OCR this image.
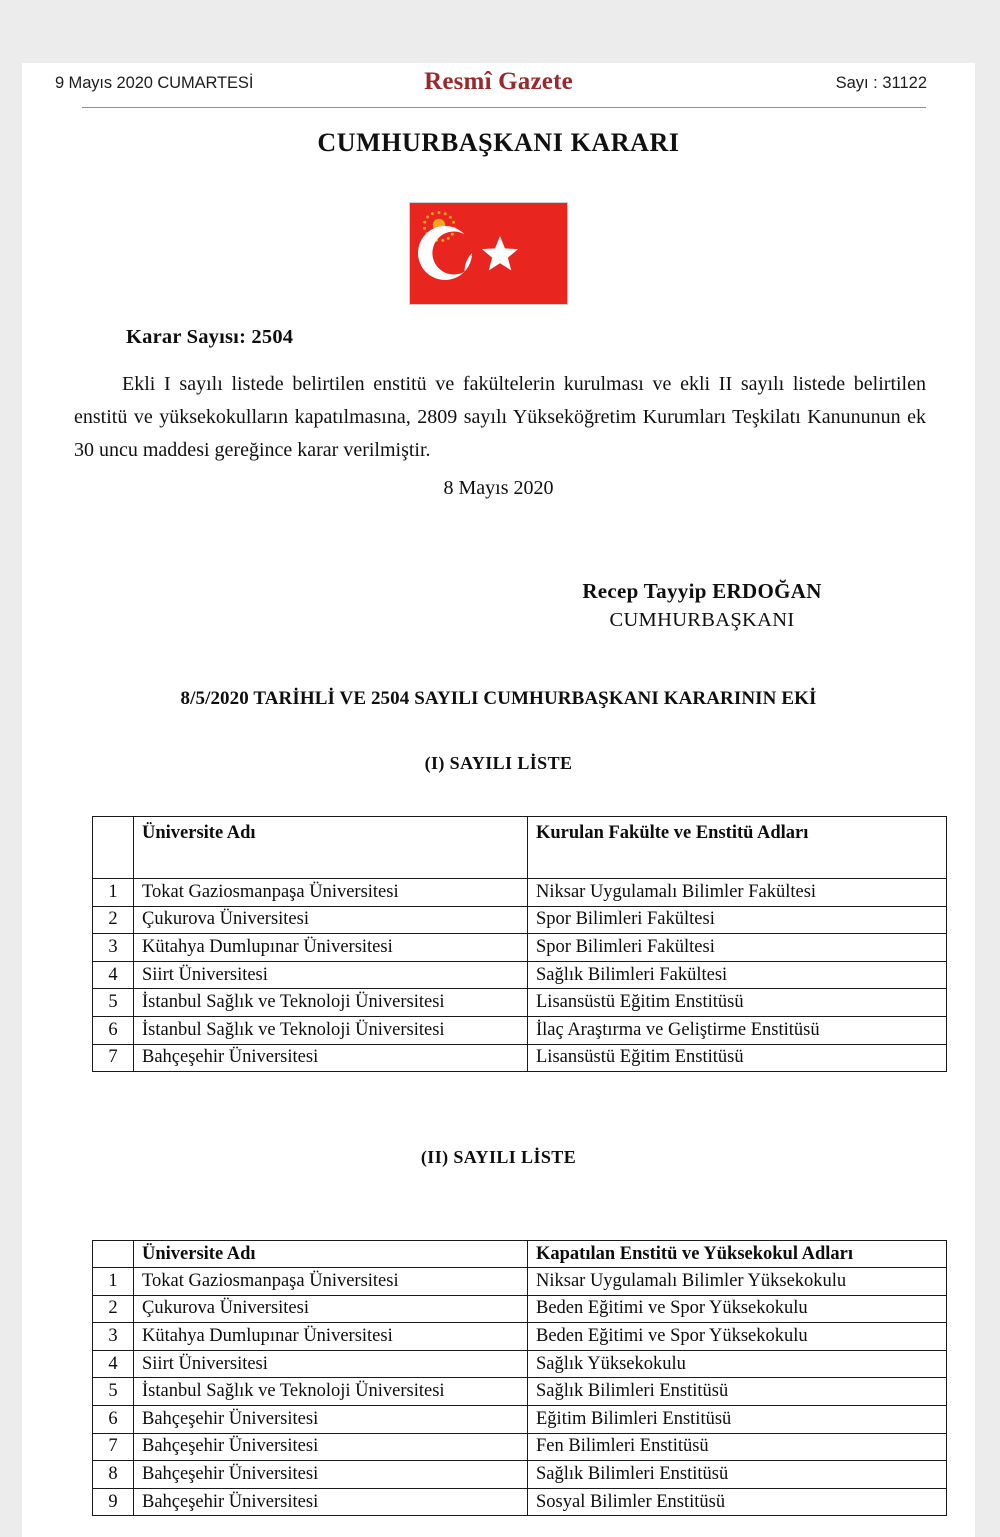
9 Mayıs 2020 CUMARTESİ	Resmî Gazete	Sayı : 31122
CUMHURBAŞKANI KARARI
Karar Sayısı: 2504
Ekli I sayılı listede belirtilen enstitü ve fakültelerin kurulması ve ekli II sayılı listede belirtilen enstitü ve yüksekokulların kapatılmasına, 2809 sayılı Yükseköğretim Kurumları Teşkilatı Kanununun ek 30 uncu maddesi gereğince karar verilmiştir.
8 Mayıs 2020
Recep Tayyip ERDOĞAN
CUMHURBAŞKANI
8/5/2020 TARİHLİ VE 2504 SAYILI CUMHURBAŞKANI KARARININ EKİ
(I) SAYILI LİSTE
(II) SAYILI LİSTE
	Üniversite Adı	Kurulan Fakülte ve Enstitü Adları
1	Tokat Gaziosmanpaşa Üniversitesi	Niksar Uygulamalı Bilimler Fakültesi
2	Çukurova Üniversitesi	Spor Bilimleri Fakültesi
3	Kütahya Dumlupınar Üniversitesi	Spor Bilimleri Fakültesi
4	Siirt Üniversitesi	Sağlık Bilimleri Fakültesi
5	İstanbul Sağlık ve Teknoloji Üniversitesi	Lisansüstü Eğitim Enstitüsü
6	İstanbul Sağlık ve Teknoloji Üniversitesi	İlaç Araştırma ve Geliştirme Enstitüsü
7	Bahçeşehir Üniversitesi	Lisansüstü Eğitim Enstitüsü
	Üniversite Adı	Kapatılan Enstitü ve Yüksekokul Adları
1	Tokat Gaziosmanpaşa Üniversitesi	Niksar Uygulamalı Bilimler Yüksekokulu
2	Çukurova Üniversitesi	Beden Eğitimi ve Spor Yüksekokulu
3	Kütahya Dumlupınar Üniversitesi	Beden Eğitimi ve Spor Yüksekokulu
4	Siirt Üniversitesi	Sağlık Yüksekokulu
5	İstanbul Sağlık ve Teknoloji Üniversitesi	Sağlık Bilimleri Enstitüsü
6	Bahçeşehir Üniversitesi	Eğitim Bilimleri Enstitüsü
7	Bahçeşehir Üniversitesi	Fen Bilimleri Enstitüsü
8	Bahçeşehir Üniversitesi	Sağlık Bilimleri Enstitüsü
9	Bahçeşehir Üniversitesi	Sosyal Bilimler Enstitüsü
